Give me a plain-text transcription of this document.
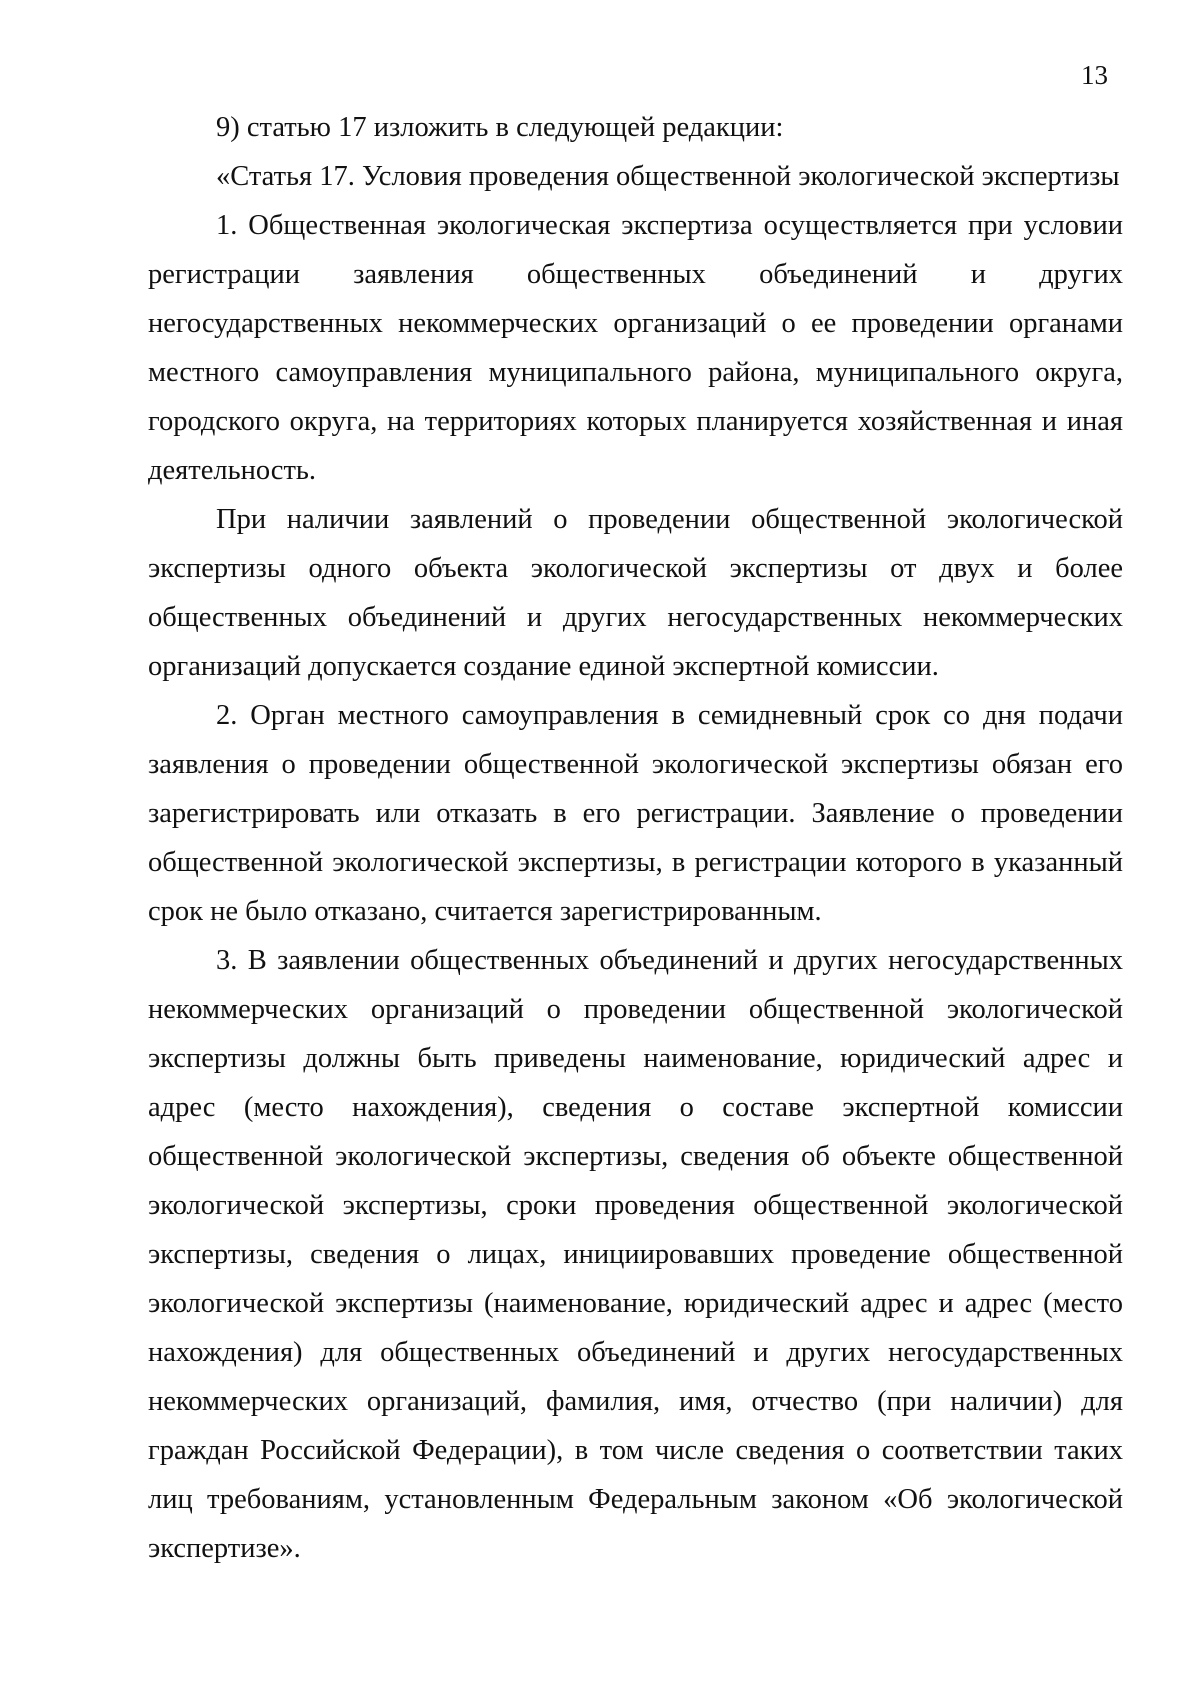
13

9) статью 17 изложить в следующей редакции:

«Статья 17. Условия проведения общественной экологической экспертизы

1. Общественная экологическая экспертиза осуществляется при условии регистрации заявления общественных объединений и других негосударственных некоммерческих организаций о ее проведении органами местного самоуправления муниципального района, муниципального округа, городского округа, на территориях которых планируется хозяйственная и иная деятельность.

При наличии заявлений о проведении общественной экологической экспертизы одного объекта экологической экспертизы от двух и более общественных объединений и других негосударственных некоммерческих организаций допускается создание единой экспертной комиссии.

2. Орган местного самоуправления в семидневный срок со дня подачи заявления о проведении общественной экологической экспертизы обязан его зарегистрировать или отказать в его регистрации. Заявление о проведении общественной экологической экспертизы, в регистрации которого в указанный срок не было отказано, считается зарегистрированным.

3. В заявлении общественных объединений и других негосударственных некоммерческих организаций о проведении общественной экологической экспертизы должны быть приведены наименование, юридический адрес и адрес (место нахождения), сведения о составе экспертной комиссии общественной экологической экспертизы, сведения об объекте общественной экологической экспертизы, сроки проведения общественной экологической экспертизы, сведения о лицах, инициировавших проведение общественной экологической экспертизы (наименование, юридический адрес и адрес (место нахождения) для общественных объединений и других негосударственных некоммерческих организаций, фамилия, имя, отчество (при наличии) для граждан Российской Федерации), в том числе сведения о соответствии таких лиц требованиям, установленным Федеральным законом «Об экологической экспертизе».
